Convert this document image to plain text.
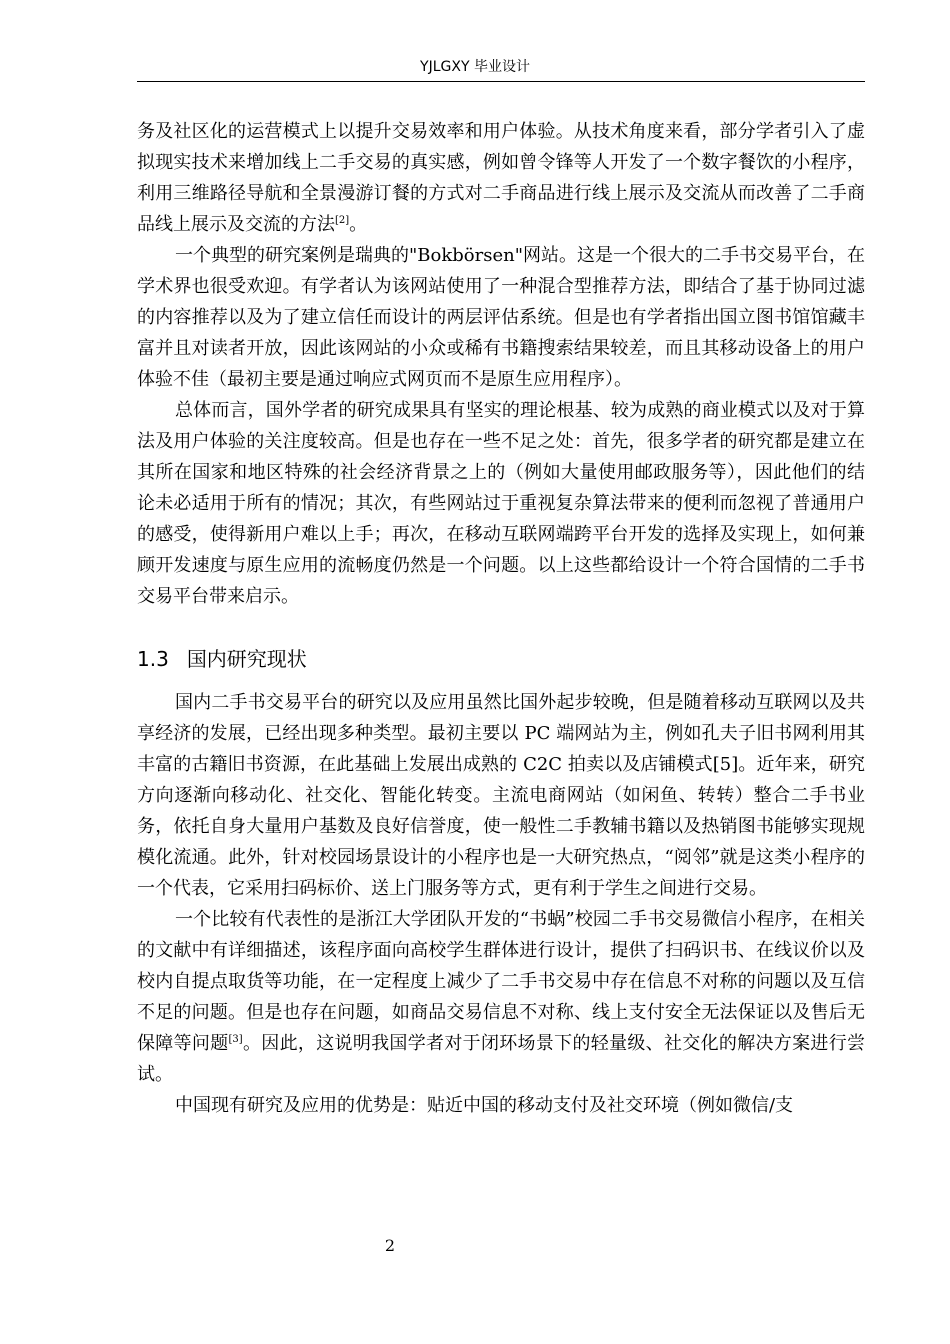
YJLGXY 毕业设计

务及社区化的运营模式上以提升交易效率和用户体验。从技术角度来看，部分学者引入了虚拟现实技术来增加线上二手交易的真实感，例如曾令锋等人开发了一个数字餐饮的小程序，利用三维路径导航和全景漫游订餐的方式对二手商品进行线上展示及交流从而改善了二手商品线上展示及交流的方法[2]。

一个典型的研究案例是瑞典的"Bokbörsen"网站。这是一个很大的二手书交易平台，在学术界也很受欢迎。有学者认为该网站使用了一种混合型推荐方法，即结合了基于协同过滤的内容推荐以及为了建立信任而设计的两层评估系统。但是也有学者指出国立图书馆馆藏丰富并且对读者开放，因此该网站的小众或稀有书籍搜索结果较差，而且其移动设备上的用户体验不佳（最初主要是通过响应式网页而不是原生应用程序）。

总体而言，国外学者的研究成果具有坚实的理论根基、较为成熟的商业模式以及对于算法及用户体验的关注度较高。但是也存在一些不足之处：首先，很多学者的研究都是建立在其所在国家和地区特殊的社会经济背景之上的（例如大量使用邮政服务等），因此他们的结论未必适用于所有的情况；其次，有些网站过于重视复杂算法带来的便利而忽视了普通用户的感受，使得新用户难以上手；再次，在移动互联网端跨平台开发的选择及实现上，如何兼顾开发速度与原生应用的流畅度仍然是一个问题。以上这些都给设计一个符合国情的二手书交易平台带来启示。

1.3 国内研究现状

国内二手书交易平台的研究以及应用虽然比国外起步较晚，但是随着移动互联网以及共享经济的发展，已经出现多种类型。最初主要以 PC 端网站为主，例如孔夫子旧书网利用其丰富的古籍旧书资源，在此基础上发展出成熟的 C2C 拍卖以及店铺模式[5]。近年来，研究方向逐渐向移动化、社交化、智能化转变。主流电商网站（如闲鱼、转转）整合二手书业务，依托自身大量用户基数及良好信誉度，使一般性二手教辅书籍以及热销图书能够实现规模化流通。此外，针对校园场景设计的小程序也是一大研究热点，“阅邻”就是这类小程序的一个代表，它采用扫码标价、送上门服务等方式，更有利于学生之间进行交易。

一个比较有代表性的是浙江大学团队开发的“书蜗”校园二手书交易微信小程序，在相关的文献中有详细描述，该程序面向高校学生群体进行设计，提供了扫码识书、在线议价以及校内自提点取货等功能，在一定程度上减少了二手书交易中存在信息不对称的问题以及互信不足的问题。但是也存在问题，如商品交易信息不对称、线上支付安全无法保证以及售后无保障等问题[3]。因此，这说明我国学者对于闭环场景下的轻量级、社交化的解决方案进行尝试。

中国现有研究及应用的优势是：贴近中国的移动支付及社交环境（例如微信/支

2
